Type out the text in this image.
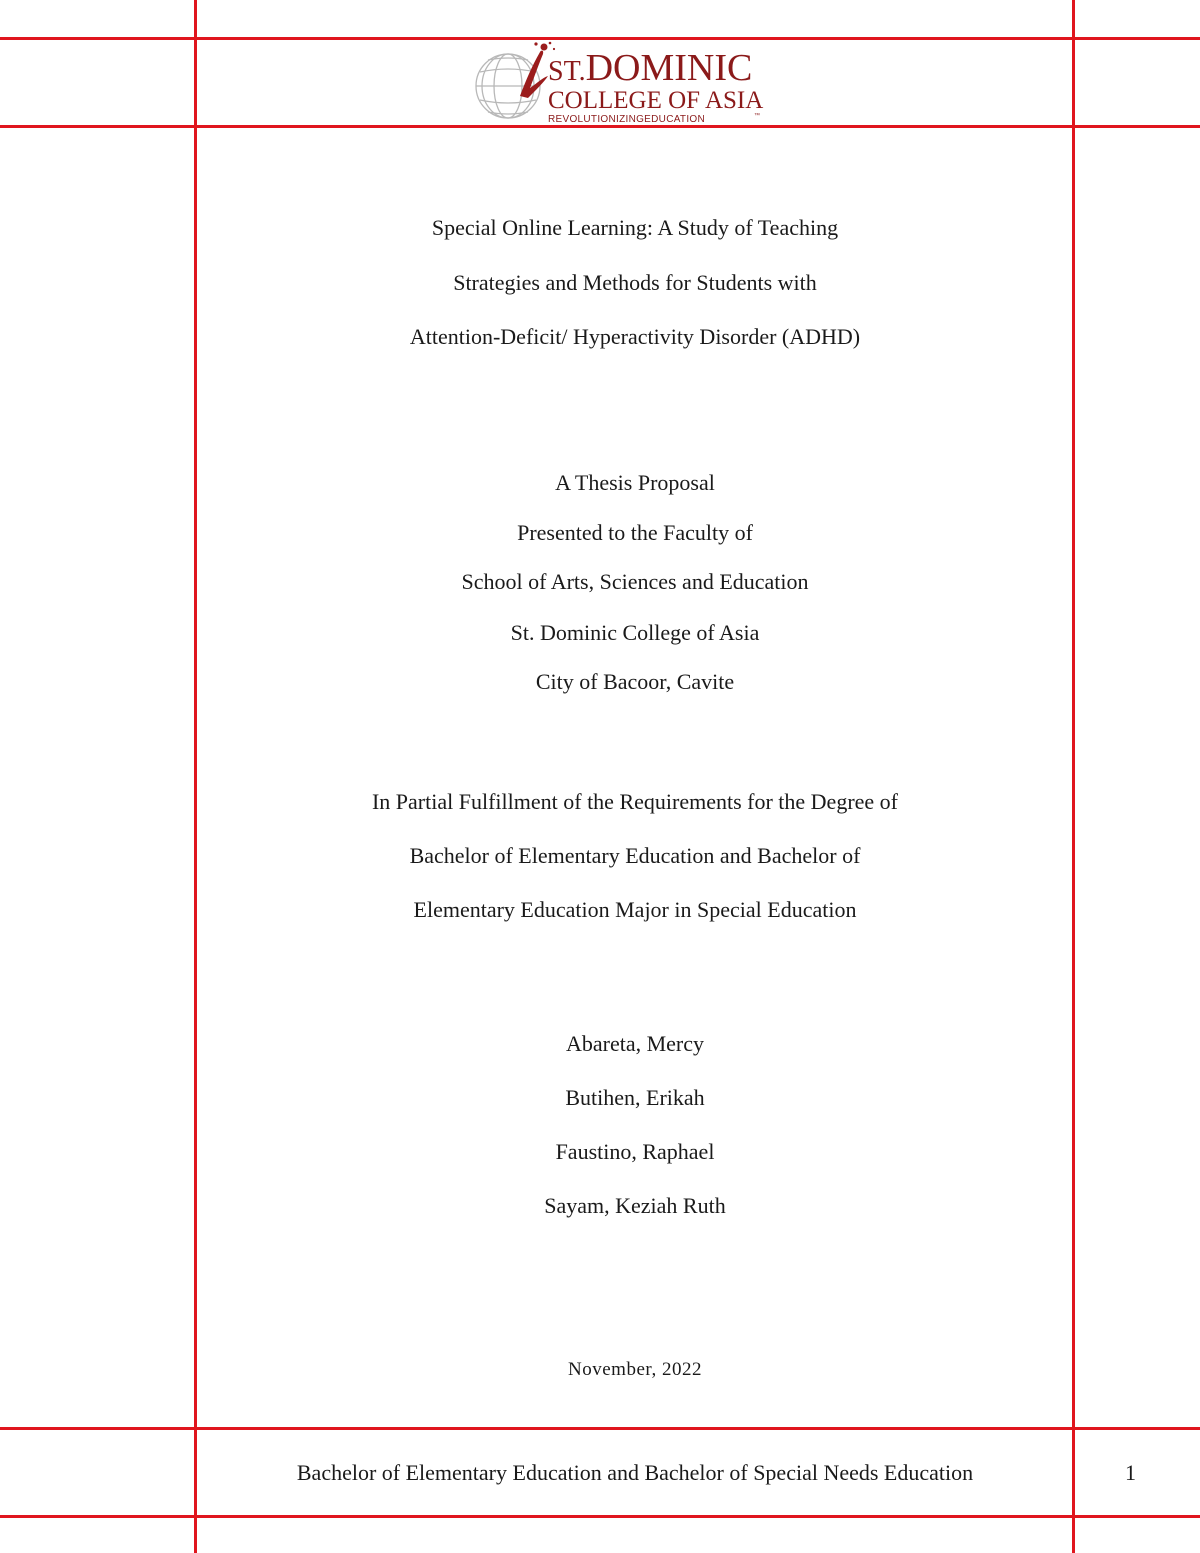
ST.DOMINIC
COLLEGE OF ASIA
REVOLUTIONIZINGEDUCATION	™
Special Online Learning: A Study of Teaching
Strategies and Methods for Students with
Attention-Deficit/ Hyperactivity Disorder (ADHD)
A Thesis Proposal
Presented to the Faculty of
School of Arts, Sciences and Education
St. Dominic College of Asia
City of Bacoor, Cavite
In Partial Fulfillment of the Requirements for the Degree of
Bachelor of Elementary Education and Bachelor of
Elementary Education Major in Special Education
Abareta, Mercy
Butihen, Erikah
Faustino, Raphael
Sayam, Keziah Ruth
November, 2022
Bachelor of Elementary Education and Bachelor of Special Needs Education	1
